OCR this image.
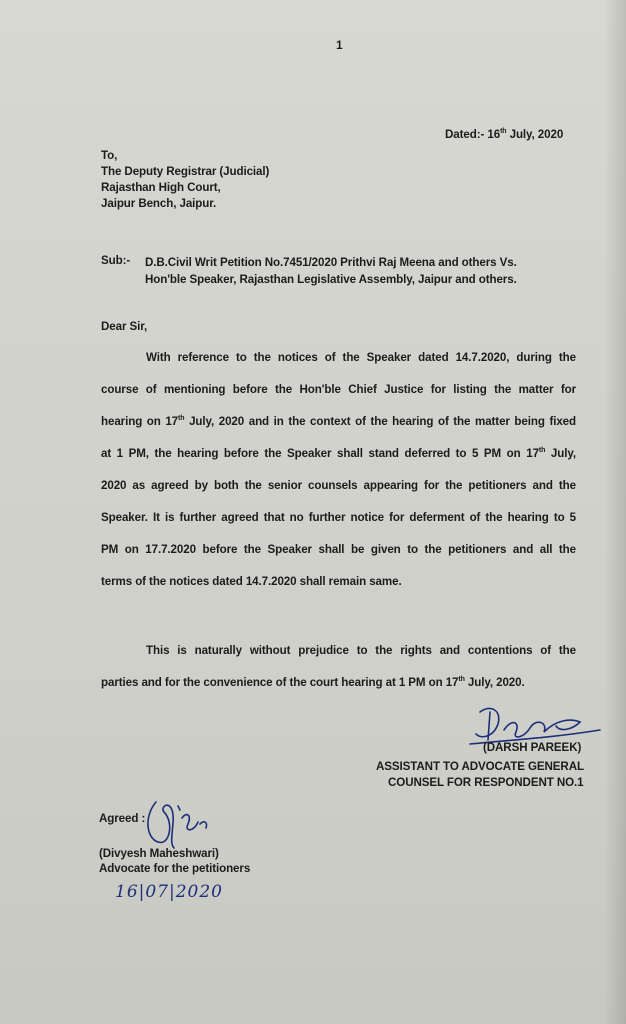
1
Dated:- 16th July, 2020
To,
The Deputy Registrar (Judicial)
Rajasthan High Court,
Jaipur Bench, Jaipur.
Sub:- D.B.Civil Writ Petition No.7451/2020 Prithvi Raj Meena and others Vs.
Hon'ble Speaker, Rajasthan Legislative Assembly, Jaipur and others.
Dear Sir,
With reference to the notices of the Speaker dated 14.7.2020, during the
course of mentioning before the Hon'ble Chief Justice for listing the matter for
hearing on 17th July, 2020 and in the context of the hearing of the matter being fixed
at 1 PM, the hearing before the Speaker shall stand deferred to 5 PM on 17th July,
2020 as agreed by both the senior counsels appearing for the petitioners and the
Speaker. It is further agreed that no further notice for deferment of the hearing to 5
PM on 17.7.2020 before the Speaker shall be given to the petitioners and all the
terms of the notices dated 14.7.2020 shall remain same.
This is naturally without prejudice to the rights and contentions of the
parties and for the convenience of the court hearing at 1 PM on 17th July, 2020.
(DARSH PAREEK)
ASSISTANT TO ADVOCATE GENERAL
COUNSEL FOR RESPONDENT NO.1
Agreed :
(Divyesh Maheshwari)
Advocate for the petitioners
16|07|2020
